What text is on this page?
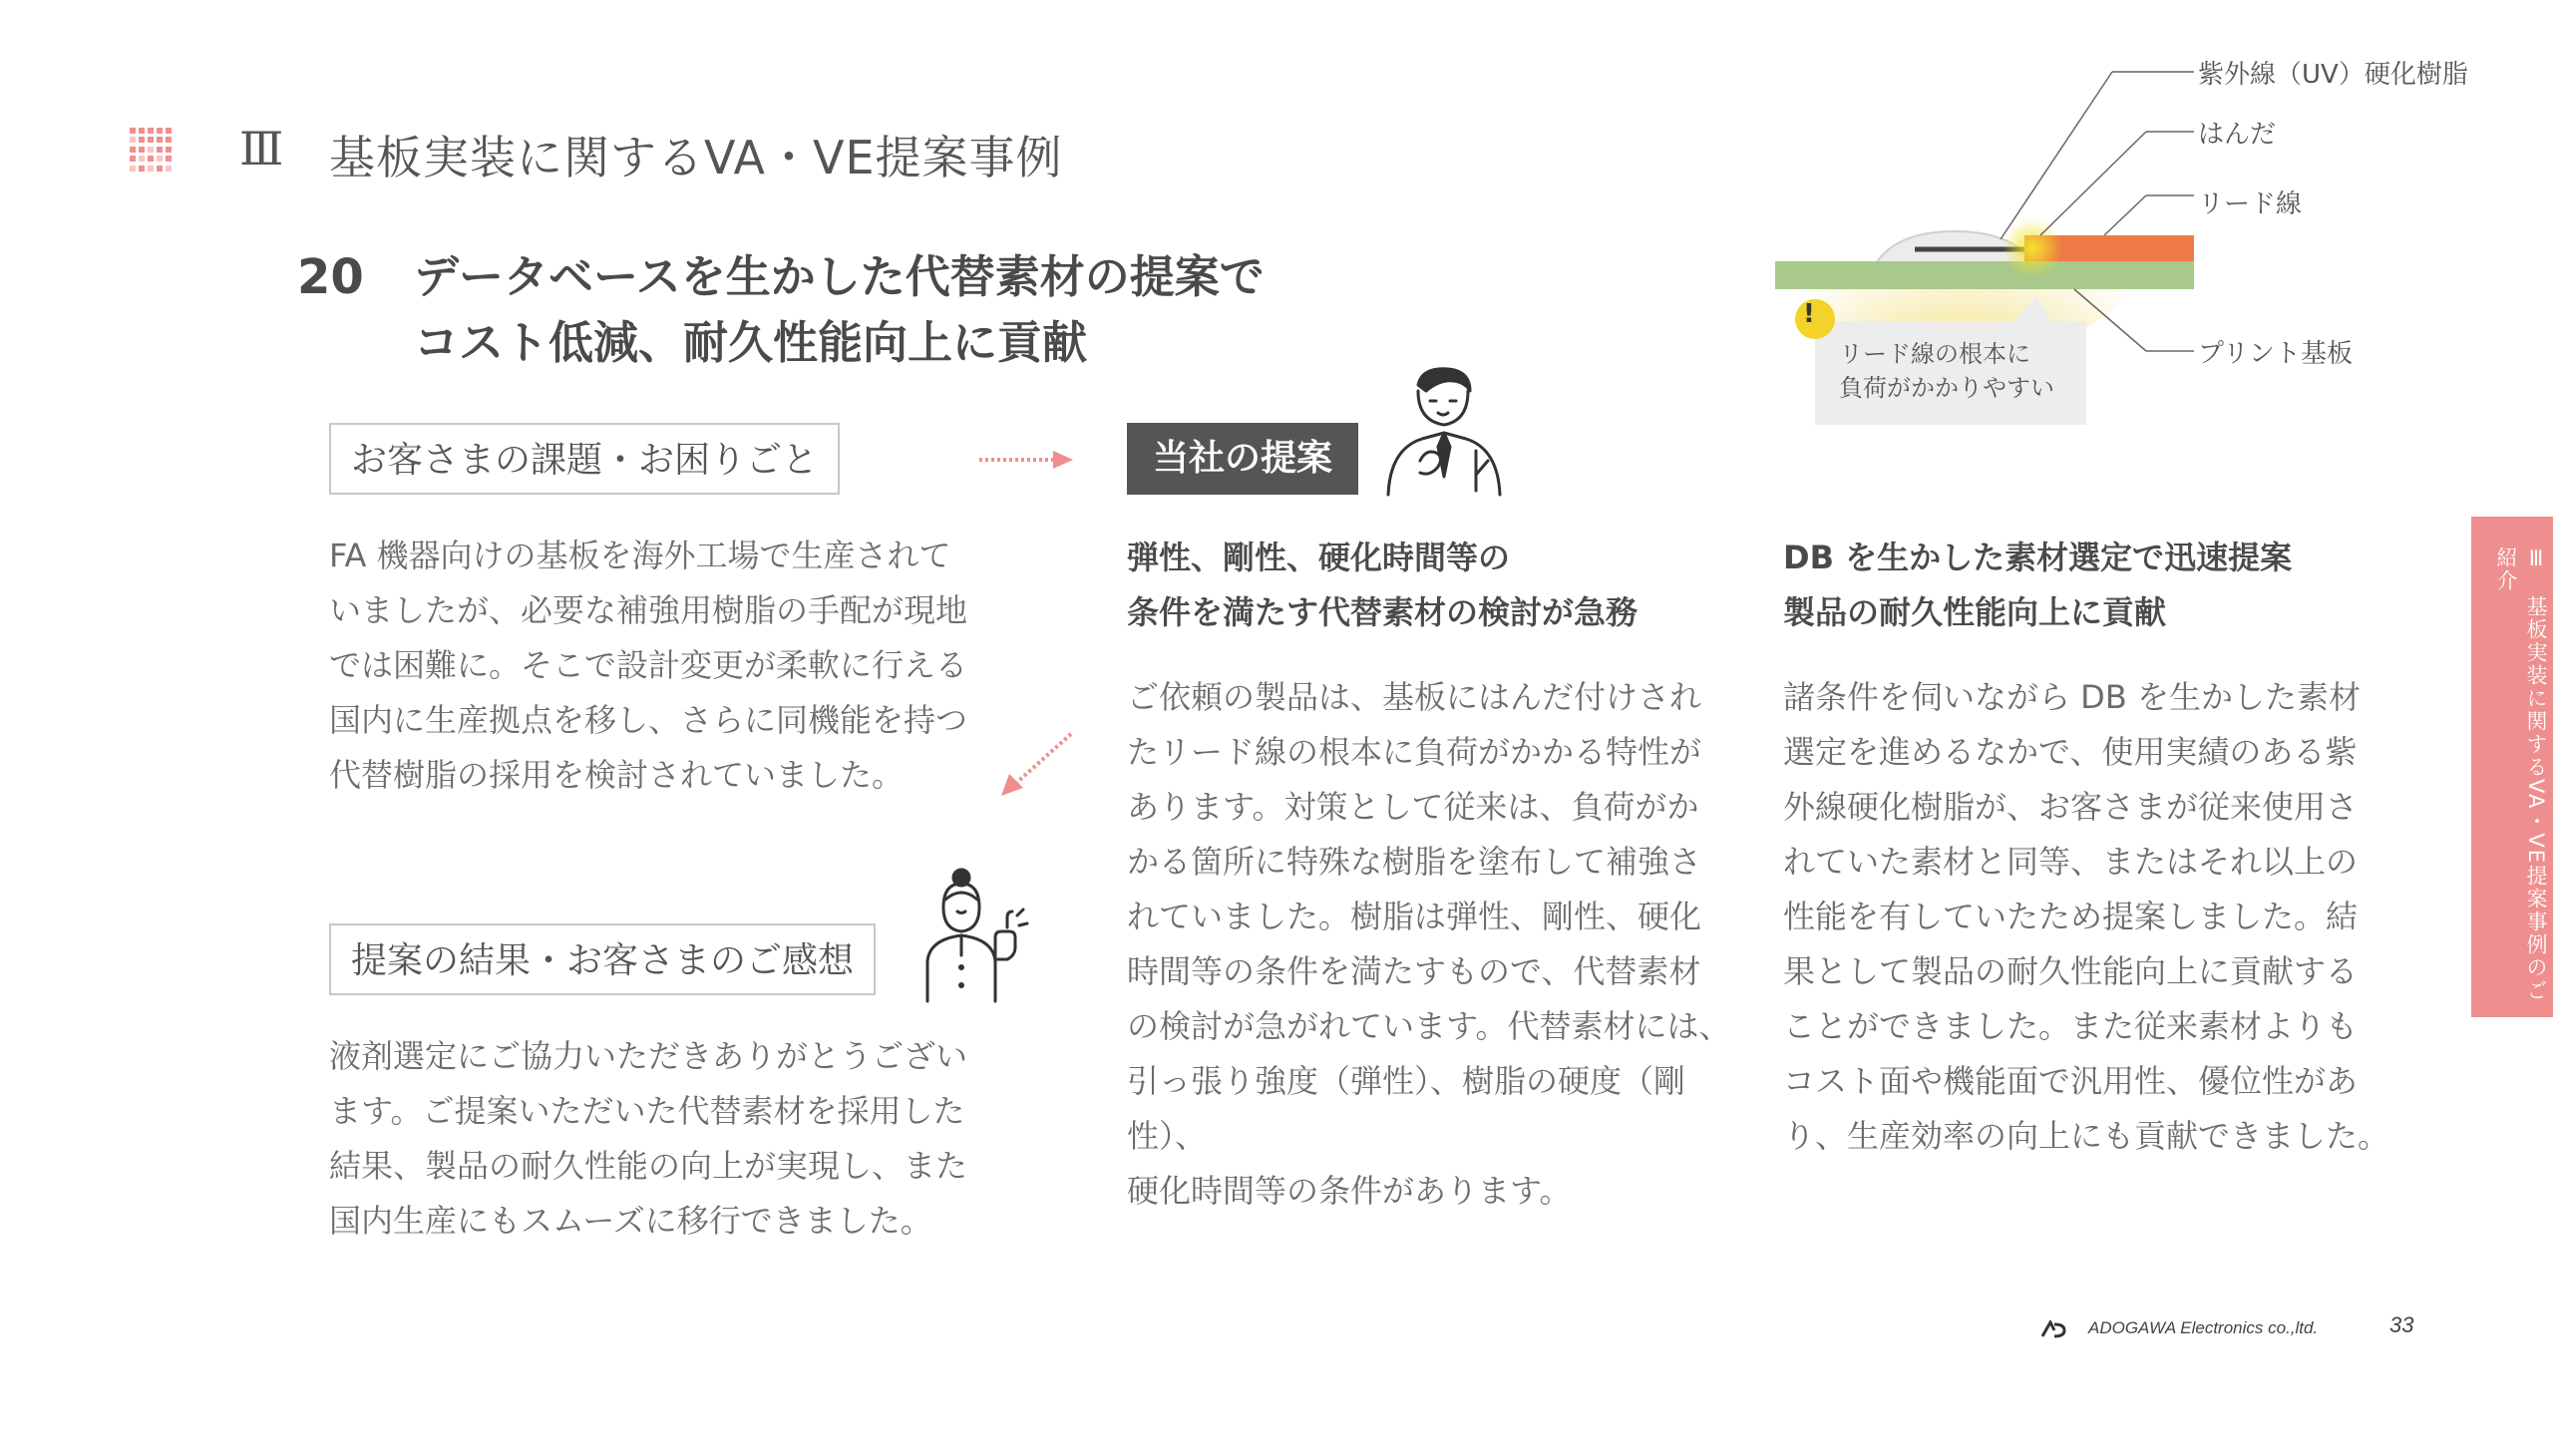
Ⅲ 基板実装に関するVA・VE提案事例
20 データベースを生かした代替素材の提案で
コスト低減、耐久性能向上に貢献
お客さまの課題・お困りごと
FA 機器向けの基板を海外工場で生産されて
いましたが、必要な補強用樹脂の手配が現地
では困難に。そこで設計変更が柔軟に行える
国内に生産拠点を移し、さらに同機能を持つ
代替樹脂の採用を検討されていました。
提案の結果・お客さまのご感想
液剤選定にご協力いただきありがとうござい
ます。ご提案いただいた代替素材を採用した
結果、製品の耐久性能の向上が実現し、また
国内生産にもスムーズに移行できました。
当社の提案
弾性、剛性、硬化時間等の
条件を満たす代替素材の検討が急務
ご依頼の製品は、基板にはんだ付けされ
たリード線の根本に負荷がかかる特性が
あります。対策として従来は、負荷がか
かる箇所に特殊な樹脂を塗布して補強さ
れていました。樹脂は弾性、剛性、硬化
時間等の条件を満たすもので、代替素材
の検討が急がれています。代替素材には、
引っ張り強度（弾性）、樹脂の硬度（剛性）、
硬化時間等の条件があります。
DB を生かした素材選定で迅速提案
製品の耐久性能向上に貢献
諸条件を伺いながら DB を生かした素材
選定を進めるなかで、使用実績のある紫
外線硬化樹脂が、お客さまが従来使用さ
れていた素材と同等、またはそれ以上の
性能を有していたため提案しました。結
果として製品の耐久性能向上に貢献する
ことができました。また従来素材よりも
コスト面や機能面で汎用性、優位性があ
り、生産効率の向上にも貢献できました。
!
リード線の根本に
負荷がかかりやすい
紫外線（UV）硬化樹脂
はんだ
リード線
プリント基板
Ⅲ　基板実装に関するVA・VE提案事例のご紹介
ADOGAWA Electronics co.,ltd.	33
